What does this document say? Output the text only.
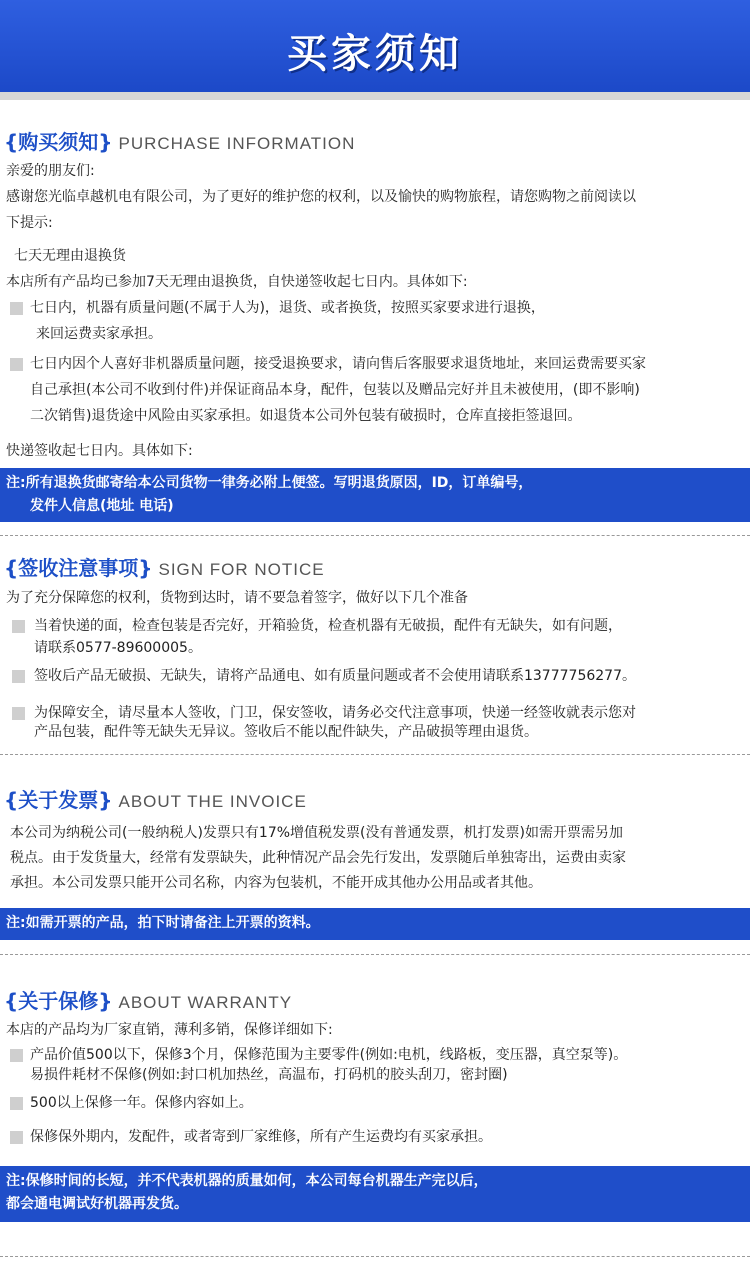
买家须知
{购买须知} PURCHASE INFORMATION
亲爱的朋友们:
感谢您光临卓越机电有限公司，为了更好的维护您的权利，以及愉快的购物旅程，请您购物之前阅读以
下提示:
七天无理由退换货
本店所有产品均已参加7天无理由退换货，自快递签收起七日内。具体如下:
七日内，机器有质量问题(不属于人为)，退货、或者换货，按照买家要求进行退换，
来回运费卖家承担。
七日内因个人喜好非机器质量问题，接受退换要求，请向售后客服要求退货地址，来回运费需要买家
自己承担(本公司不收到付件)并保证商品本身，配件，包装以及赠品完好并且未被使用，(即不影响)
二次销售)退货途中风险由买家承担。如退货本公司外包装有破损时，仓库直接拒签退回。
快递签收起七日内。具体如下:
注:所有退换货邮寄给本公司货物一律务必附上便签。写明退货原因，ID，订单编号，
发件人信息(地址 电话)
{签收注意事项} SIGN FOR NOTICE
为了充分保障您的权利，货物到达时，请不要急着签字，做好以下几个准备
当着快递的面，检查包装是否完好，开箱验货，检查机器有无破损，配件有无缺失，如有问题，
请联系0577-89600005。
签收后产品无破损、无缺失，请将产品通电、如有质量问题或者不会使用请联系13777756277。
为保障安全，请尽量本人签收，门卫，保安签收，请务必交代注意事项，快递一经签收就表示您对
产品包装，配件等无缺失无异议。签收后不能以配件缺失，产品破损等理由退货。
{关于发票} ABOUT THE INVOICE
本公司为纳税公司(一般纳税人)发票只有17%增值税发票(没有普通发票，机打发票)如需开票需另加
税点。由于发货量大，经常有发票缺失，此种情况产品会先行发出，发票随后单独寄出，运费由卖家
承担。本公司发票只能开公司名称，内容为包装机，不能开成其他办公用品或者其他。
注:如需开票的产品，拍下时请备注上开票的资料。
{关于保修} ABOUT WARRANTY
本店的产品均为厂家直销，薄利多销，保修详细如下:
产品价值500以下，保修3个月，保修范围为主要零件(例如:电机，线路板，变压器，真空泵等)。
易损件耗材不保修(例如:封口机加热丝，高温布，打码机的胶头刮刀，密封圈)
500以上保修一年。保修内容如上。
保修保外期内，发配件，或者寄到厂家维修，所有产生运费均有买家承担。
注:保修时间的长短，并不代表机器的质量如何，本公司每台机器生产完以后，
都会通电调试好机器再发货。
